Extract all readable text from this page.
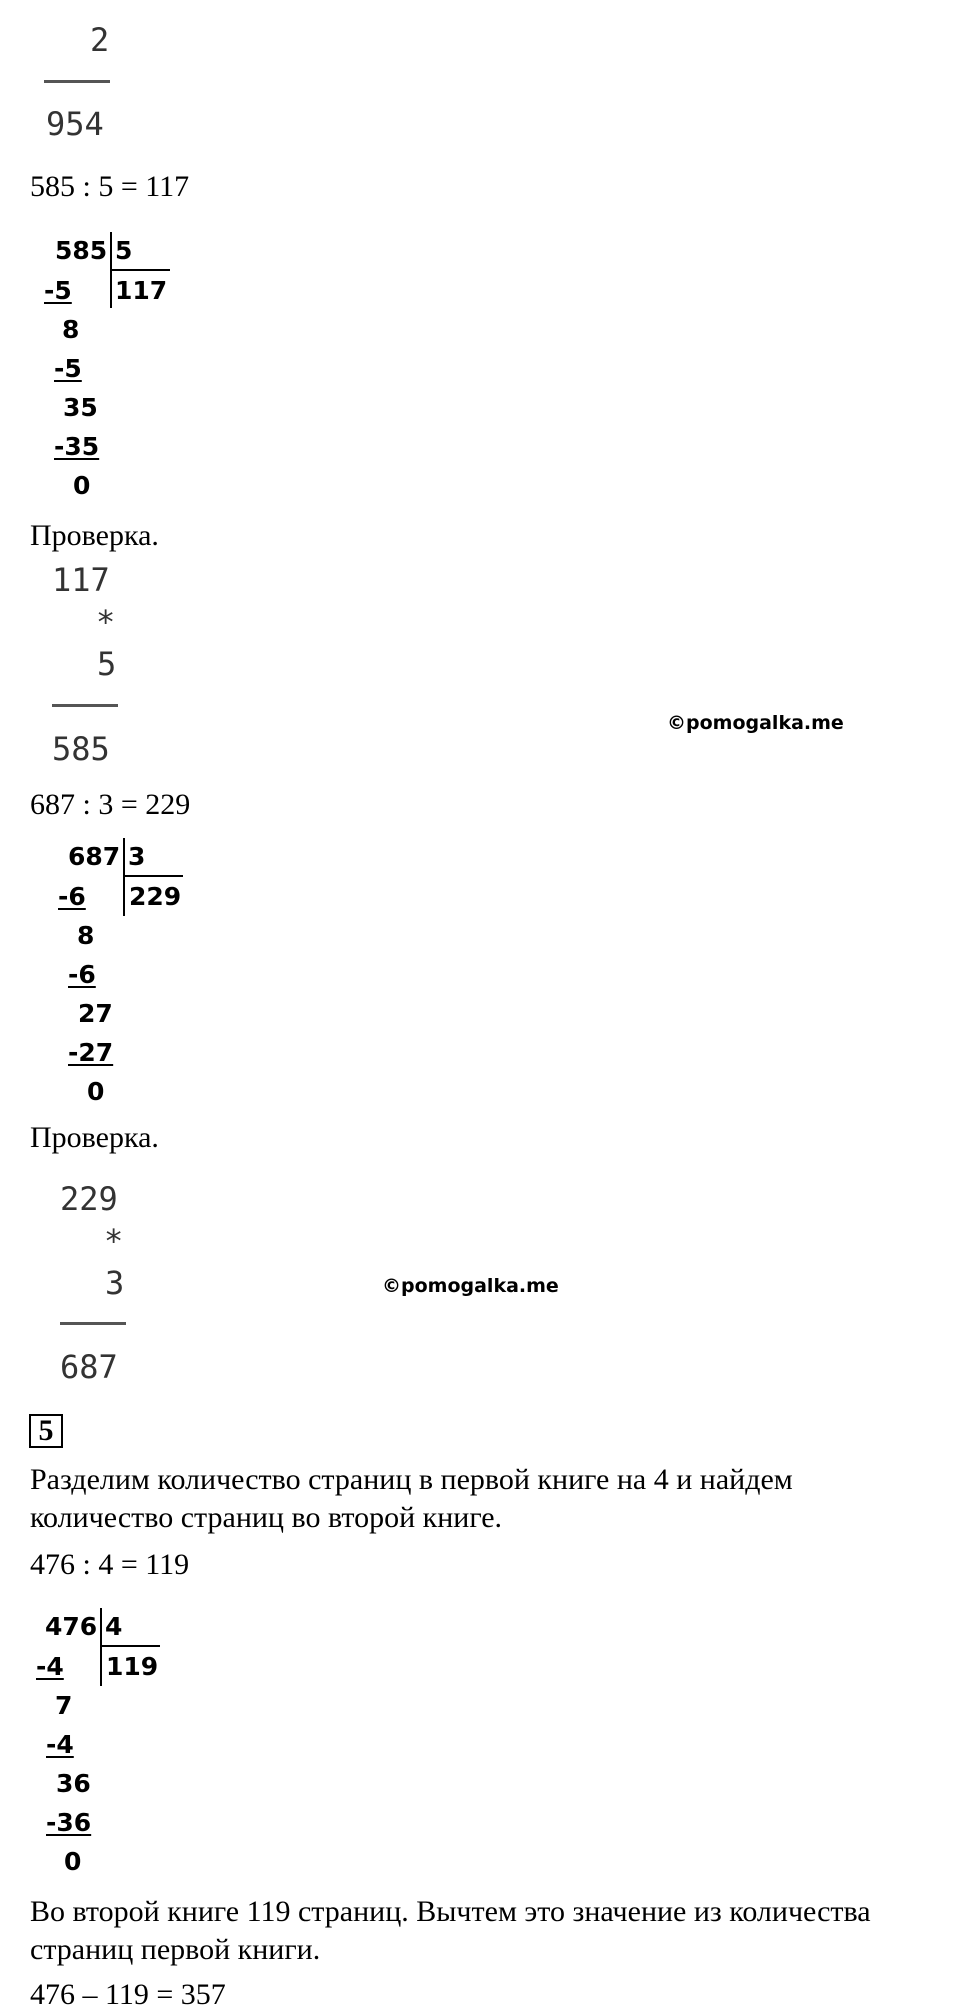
2
954
585 : 5 = 117
585 5
117
-5
8
-5
35
-35
0
Проверка.
117
*
5
585
©pomogalka.me
687 : 3 = 229
687 3
229
-6
8
-6
27
-27
0
Проверка.
229
*
3
687
©pomogalka.me
5
Разделим количество страниц в первой книге на 4 и найдем
количество страниц во второй книге.
476 : 4 = 119
476 4
119
-4
7
-4
36
-36
0
Во второй книге 119 страниц. Вычтем это значение из количества
страниц первой книги.
476 – 119 = 357
